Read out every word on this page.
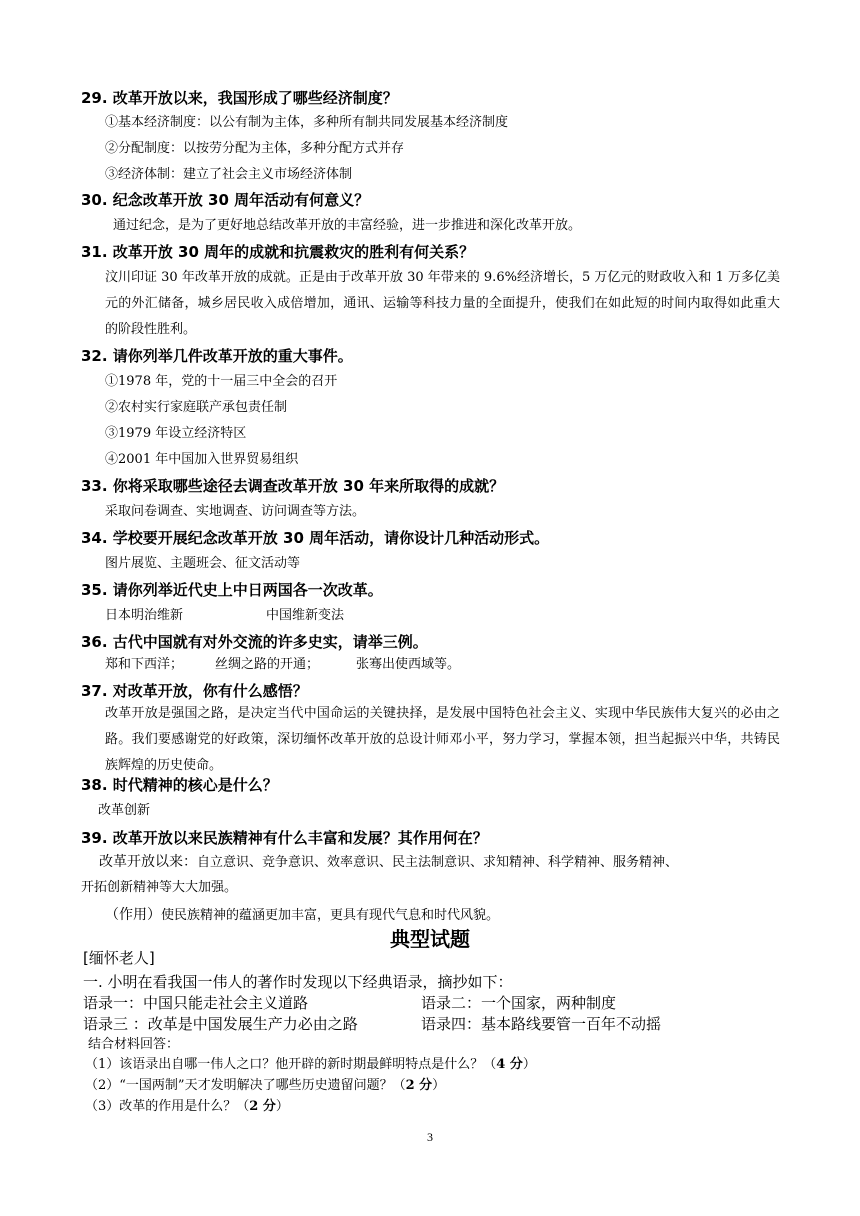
29. 改革开放以来，我国形成了哪些经济制度？
①基本经济制度：以公有制为主体，多种所有制共同发展基本经济制度
②分配制度：以按劳分配为主体，多种分配方式并存
③经济体制：建立了社会主义市场经济体制
30. 纪念改革开放 30 周年活动有何意义？
通过纪念，是为了更好地总结改革开放的丰富经验，进一步推进和深化改革开放。
31. 改革开放 30 周年的成就和抗震救灾的胜利有何关系？
汶川印证 30 年改革开放的成就。正是由于改革开放 30 年带来的 9.6%经济增长，5 万亿元的财政收入和 1 万多亿美元的外汇储备，城乡居民收入成倍增加，通讯、运输等科技力量的全面提升，使我们在如此短的时间内取得如此重大的阶段性胜利。
32. 请你列举几件改革开放的重大事件。
①1978 年，党的十一届三中全会的召开
②农村实行家庭联产承包责任制
③1979 年设立经济特区
④2001 年中国加入世界贸易组织
33. 你将采取哪些途径去调查改革开放 30 年来所取得的成就？
采取问卷调查、实地调查、访问调查等方法。
34. 学校要开展纪念改革开放 30 周年活动，请你设计几种活动形式。
图片展览、主题班会、征文活动等
35. 请你列举近代史上中日两国各一次改革。
日本明治维新	中国维新变法
36. 古代中国就有对外交流的许多史实，请举三例。
郑和下西洋； 丝绸之路的开通；	张骞出使西域等。
37. 对改革开放，你有什么感悟？
改革开放是强国之路，是决定当代中国命运的关键抉择，是发展中国特色社会主义、实现中华民族伟大复兴的必由之路。我们要感谢党的好政策，深切缅怀改革开放的总设计师邓小平，努力学习，掌握本领，担当起振兴中华，共铸民族辉煌的历史使命。
38. 时代精神的核心是什么？
改革创新
39. 改革开放以来民族精神有什么丰富和发展？其作用何在？
改革开放以来：自立意识、竞争意识、效率意识、民主法制意识、求知精神、科学精神、服务精神、
开拓创新精神等大大加强。
（作用）使民族精神的蕴涵更加丰富，更具有现代气息和时代风貌。
典型试题
[缅怀老人]
一. 小明在看我国一伟人的著作时发现以下经典语录，摘抄如下：
语录一：中国只能走社会主义道路	语录二：一个国家，两种制度
语录三 ：改革是中国发展生产力必由之路	语录四：基本路线要管一百年不动摇
结合材料回答：
（1）该语录出自哪一伟人之口？他开辟的新时期最鲜明特点是什么？（4 分）
（2）“一国两制”天才发明解决了哪些历史遗留问题？（2 分）
（3）改革的作用是什么？（2 分）
3
